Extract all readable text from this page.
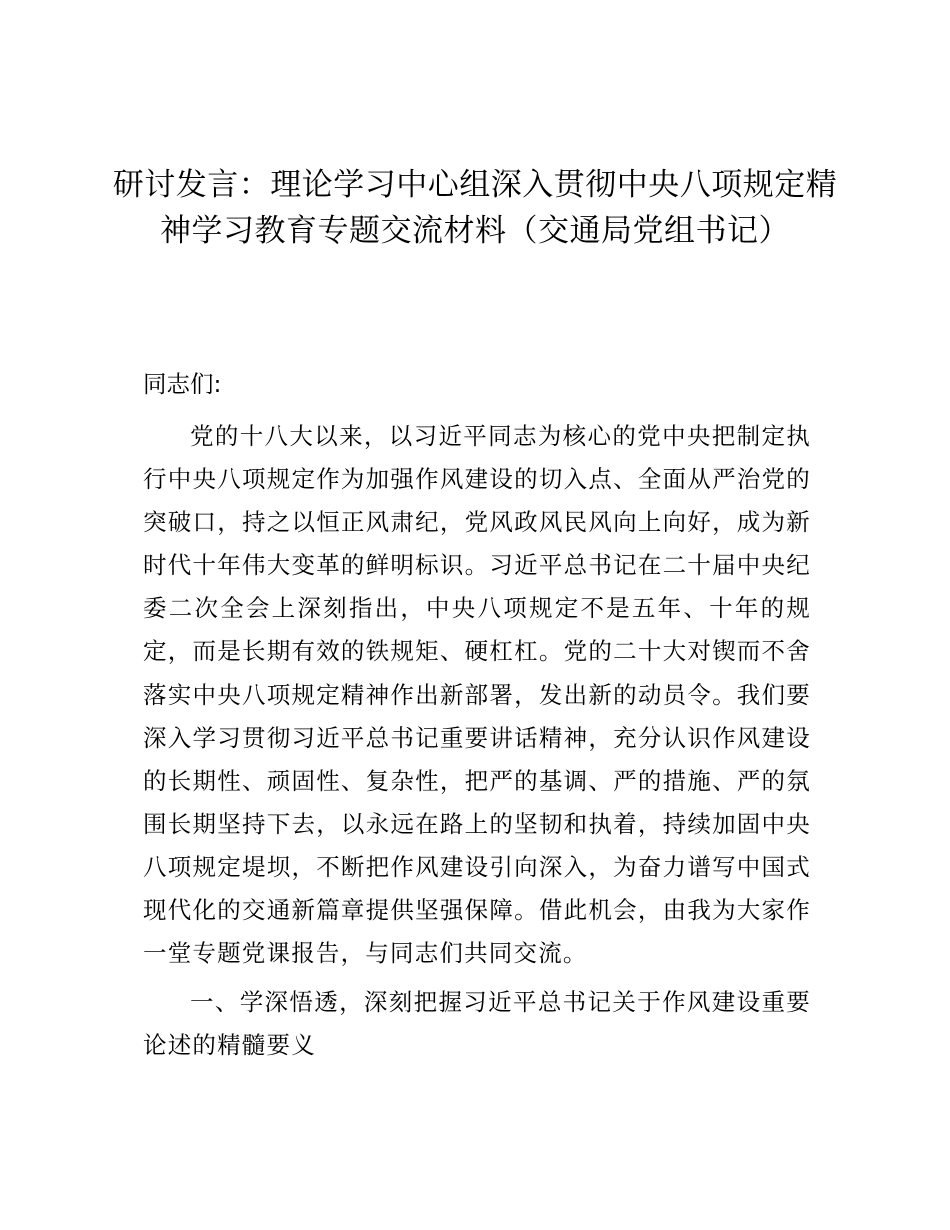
研讨发言：理论学习中心组深入贯彻中央八项规定精神学习教育专题交流材料（交通局党组书记）

同志们:

党的十八大以来，以习近平同志为核心的党中央把制定执行中央八项规定作为加强作风建设的切入点、全面从严治党的突破口，持之以恒正风肃纪，党风政风民风向上向好，成为新时代十年伟大变革的鲜明标识。习近平总书记在二十届中央纪委二次全会上深刻指出，中央八项规定不是五年、十年的规定，而是长期有效的铁规矩、硬杠杠。党的二十大对锲而不舍落实中央八项规定精神作出新部署，发出新的动员令。我们要深入学习贯彻习近平总书记重要讲话精神，充分认识作风建设的长期性、顽固性、复杂性，把严的基调、严的措施、严的氛围长期坚持下去，以永远在路上的坚韧和执着，持续加固中央八项规定堤坝，不断把作风建设引向深入，为奋力谱写中国式现代化的交通新篇章提供坚强保障。借此机会，由我为大家作一堂专题党课报告，与同志们共同交流。

一、学深悟透，深刻把握习近平总书记关于作风建设重要论述的精髓要义
